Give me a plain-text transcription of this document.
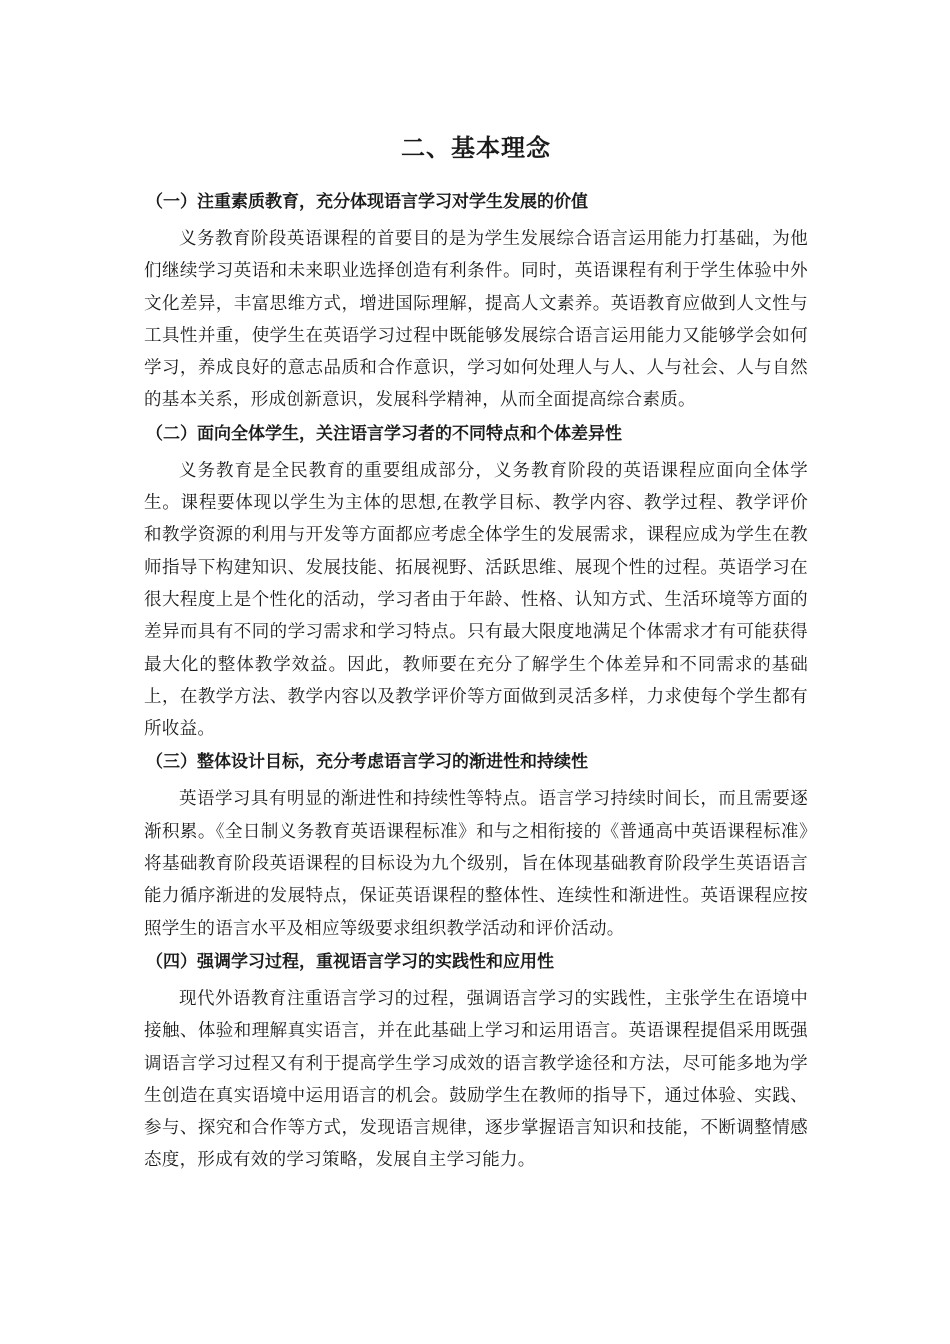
二、基本理念
（一）注重素质教育，充分体现语言学习对学生发展的价值

义务教育阶段英语课程的首要目的是为学生发展综合语言运用能力打基础，为他们继续学习英语和未来职业选择创造有利条件。同时，英语课程有利于学生体验中外文化差异，丰富思维方式，增进国际理解，提高人文素养。英语教育应做到人文性与工具性并重，使学生在英语学习过程中既能够发展综合语言运用能力又能够学会如何学习，养成良好的意志品质和合作意识，学习如何处理人与人、人与社会、人与自然的基本关系，形成创新意识，发展科学精神，从而全面提高综合素质。

（二）面向全体学生，关注语言学习者的不同特点和个体差异性

义务教育是全民教育的重要组成部分，义务教育阶段的英语课程应面向全体学生。课程要体现以学生为主体的思想,在教学目标、教学内容、教学过程、教学评价和教学资源的利用与开发等方面都应考虑全体学生的发展需求，课程应成为学生在教师指导下构建知识、发展技能、拓展视野、活跃思维、展现个性的过程。英语学习在很大程度上是个性化的活动，学习者由于年龄、性格、认知方式、生活环境等方面的差异而具有不同的学习需求和学习特点。只有最大限度地满足个体需求才有可能获得最大化的整体教学效益。因此，教师要在充分了解学生个体差异和不同需求的基础上，在教学方法、教学内容以及教学评价等方面做到灵活多样，力求使每个学生都有所收益。

（三）整体设计目标，充分考虑语言学习的渐进性和持续性

英语学习具有明显的渐进性和持续性等特点。语言学习持续时间长，而且需要逐渐积累。《全日制义务教育英语课程标准》和与之相衔接的《普通高中英语课程标准》将基础教育阶段英语课程的目标设为九个级别，旨在体现基础教育阶段学生英语语言能力循序渐进的发展特点，保证英语课程的整体性、连续性和渐进性。英语课程应按照学生的语言水平及相应等级要求组织教学活动和评价活动。

（四）强调学习过程，重视语言学习的实践性和应用性

现代外语教育注重语言学习的过程，强调语言学习的实践性，主张学生在语境中接触、体验和理解真实语言，并在此基础上学习和运用语言。英语课程提倡采用既强调语言学习过程又有利于提高学生学习成效的语言教学途径和方法，尽可能多地为学生创造在真实语境中运用语言的机会。鼓励学生在教师的指导下，通过体验、实践、参与、探究和合作等方式，发现语言规律，逐步掌握语言知识和技能，不断调整情感态度，形成有效的学习策略，发展自主学习能力。
